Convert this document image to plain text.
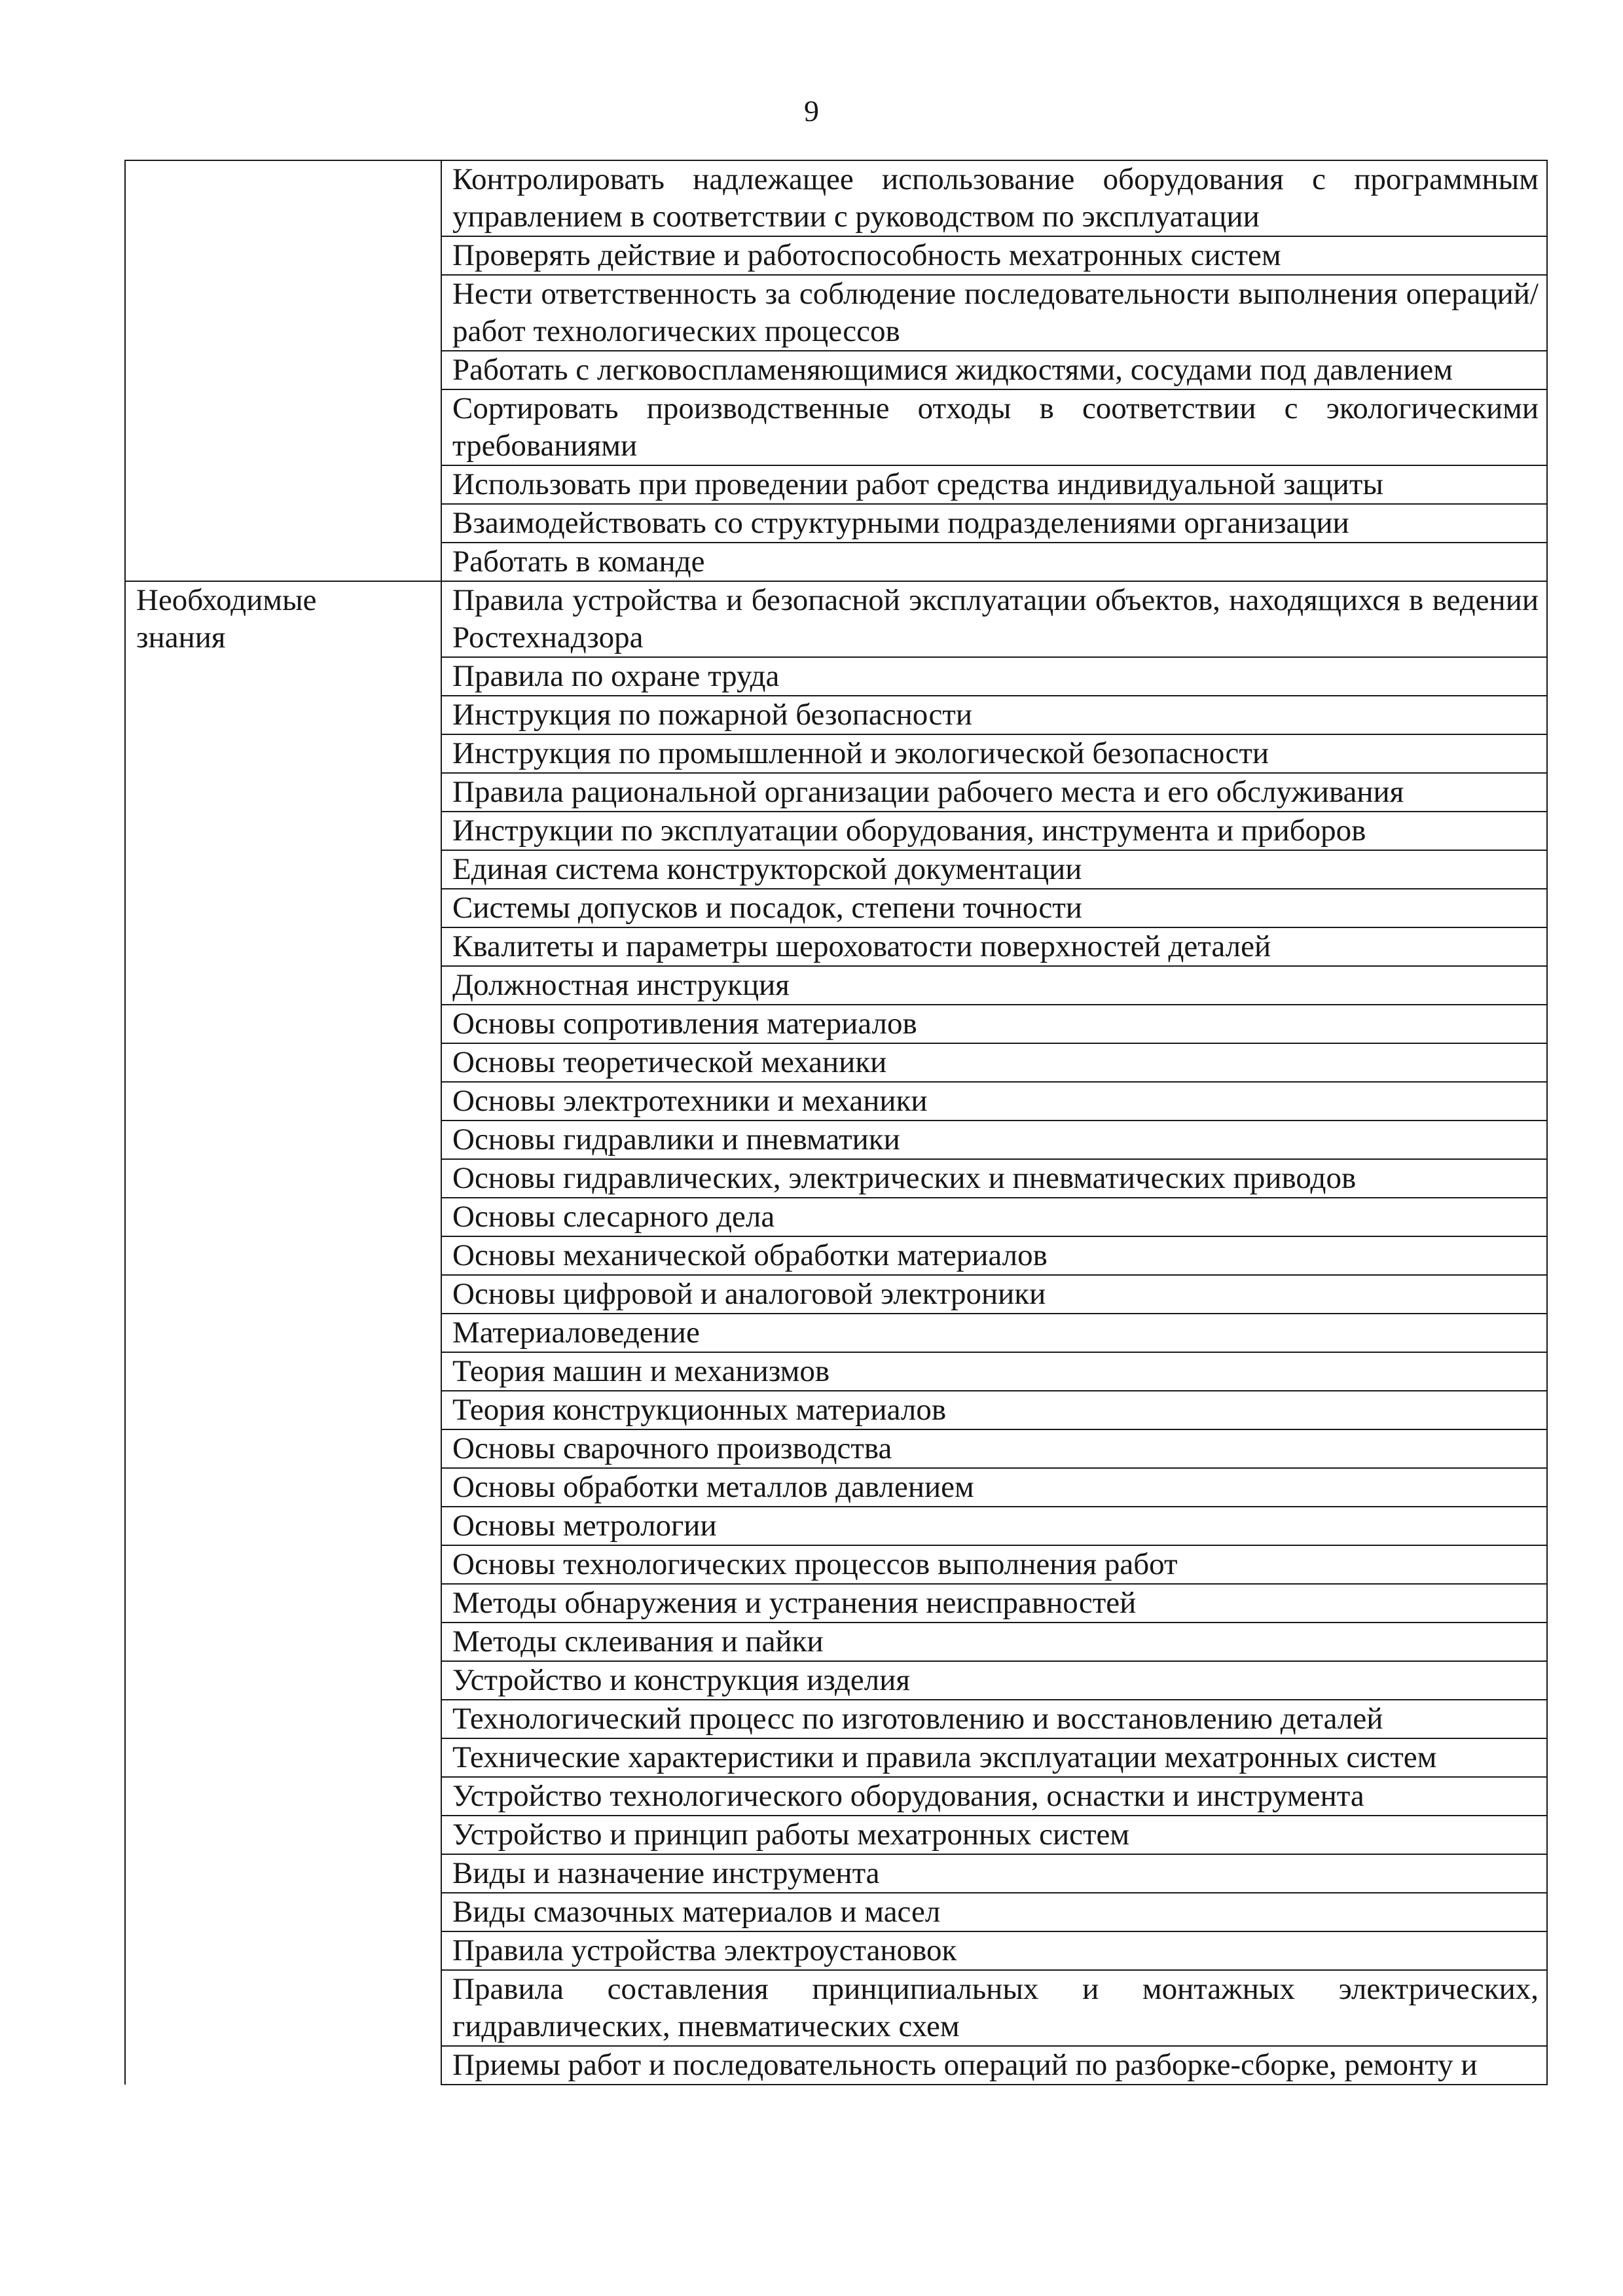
9
	Контролировать надлежащее использование оборудования с программным управлением в соответствии с руководством по эксплуатации
	Проверять действие и работоспособность мехатронных систем
	Нести ответственность за соблюдение последовательности выполнения операций/работ технологических процессов
	Работать с легковоспламеняющимися жидкостями, сосудами под давлением
	Сортировать производственные отходы в соответствии с экологическими требованиями
	Использовать при проведении работ средства индивидуальной защиты
	Взаимодействовать со структурными подразделениями организации
	Работать в команде
Необходимые знания	Правила устройства и безопасной эксплуатации объектов, находящихся в ведении Ростехнадзора
	Правила по охране труда
	Инструкция по пожарной безопасности
	Инструкция по промышленной и экологической безопасности
	Правила рациональной организации рабочего места и его обслуживания
	Инструкции по эксплуатации оборудования, инструмента и приборов
	Единая система конструкторской документации
	Системы допусков и посадок, степени точности
	Квалитеты и параметры шероховатости поверхностей деталей
	Должностная инструкция
	Основы сопротивления материалов
	Основы теоретической механики
	Основы электротехники и механики
	Основы гидравлики и пневматики
	Основы гидравлических, электрических и пневматических приводов
	Основы слесарного дела
	Основы механической обработки материалов
	Основы цифровой и аналоговой электроники
	Материаловедение
	Теория машин и механизмов
	Теория конструкционных материалов
	Основы сварочного производства
	Основы обработки металлов давлением
	Основы метрологии
	Основы технологических процессов выполнения работ
	Методы обнаружения и устранения неисправностей
	Методы склеивания и пайки
	Устройство и конструкция изделия
	Технологический процесс по изготовлению и восстановлению деталей
	Технические характеристики и правила эксплуатации мехатронных систем
	Устройство технологического оборудования, оснастки и инструмента
	Устройство и принцип работы мехатронных систем
	Виды и назначение инструмента
	Виды смазочных материалов и масел
	Правила устройства электроустановок
	Правила составления принципиальных и монтажных электрических, гидравлических, пневматических схем
	Приемы работ и последовательность операций по разборке-сборке, ремонту и
